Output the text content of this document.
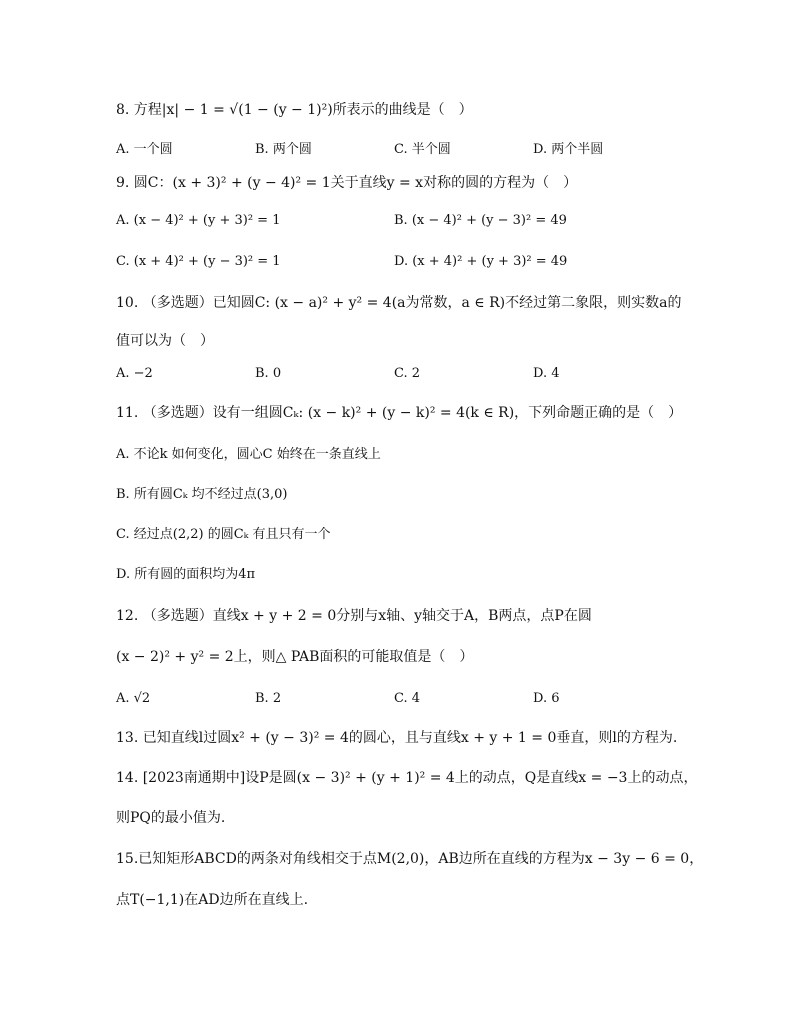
8. 方程|x| − 1 = √(1 − (y − 1)²)所表示的曲线是（　）
A. 一个圆	B. 两个圆	C. 半个圆	D. 两个半圆
9. 圆C：(x + 3)² + (y − 4)² = 1关于直线y = x对称的圆的方程为（　）
A. (x − 4)² + (y + 3)² = 1	B. (x − 4)² + (y − 3)² = 49
C. (x + 4)² + (y − 3)² = 1	D. (x + 4)² + (y + 3)² = 49
10. （多选题）已知圆C: (x − a)² + y² = 4(a为常数，a ∈ R)不经过第二象限，则实数a的
值可以为（　）
A. −2	B. 0	C. 2	D. 4
11. （多选题）设有一组圆Cₖ: (x − k)² + (y − k)² = 4(k ∈ R)，下列命题正确的是（　）
A. 不论k 如何变化，圆心C 始终在一条直线上
B. 所有圆Cₖ 均不经过点(3,0)
C. 经过点(2,2) 的圆Cₖ 有且只有一个
D. 所有圆的面积均为4π
12. （多选题）直线x + y + 2 = 0分别与x轴、y轴交于A，B两点，点P在圆
(x − 2)² + y² = 2上，则△ PAB面积的可能取值是（　）
A. √2	B. 2	C. 4	D. 6
13. 已知直线l过圆x² + (y − 3)² = 4的圆心，且与直线x + y + 1 = 0垂直，则l的方程为.
14. [2023南通期中]设P是圆(x − 3)² + (y + 1)² = 4上的动点，Q是直线x = −3上的动点，
则PQ的最小值为.
15.已知矩形ABCD的两条对角线相交于点M(2,0)，AB边所在直线的方程为x − 3y − 6 = 0，
点T(−1,1)在AD边所在直线上.
